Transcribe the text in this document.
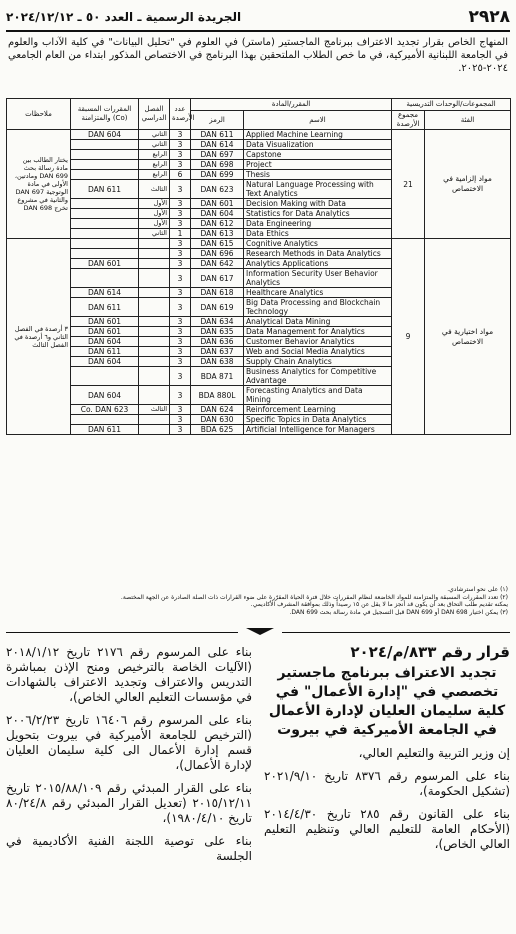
٢٩٢٨
الجريدة الرسمية ـ العدد ٥٠ ـ ٢٠٢٤/١٢/١٢
المنهاج الخاص بقرار تجديد الاعتراف ببرنامج الماجستير (ماستر) في العلوم في "تحليل البيانات" في كلية الآداب والعلوم في الجامعة اللبنانية الأميركية، في ما خص الطلاب الملتحقين بهذا البرنامج في الاختصاص المذكور ابتداء من العام الجامعي ٢٠٢٤-٢٠٢٥.
ملاحظات	المقررات المسبقة والمتزامنة (Co)	الفصل الدراسي	عدد الأرصدة	المقرر/المادة		المجموعات/الوحدات التدريسية	
				الرمز	الاسم	مجموع الأرصدة	الفئة
يختار الطالب بين مادة رسالة بحث DAN 699 ومادتين، الأولى في مادة الوتوجية DAN 697 والثانية في مشروع تخرج DAN 698	DAN 604	الثاني	3	DAN 611	Applied Machine Learning	21	مواد إلزامية في الاختصاص
		الثاني	3	DAN 614	Data Visualization		
		الرابع	3	DAN 697	Capstone		
		الرابع	3	DAN 698	Project		
		الرابع	6	DAN 699	Thesis		
	DAN 611	الثالث	3	DAN 623	Natural Language Processing with Text Analytics		
		الأول	3	DAN 601	Decision Making with Data		
		الأول	3	DAN 604	Statistics for Data Analytics		
		الأول	3	DAN 612	Data Engineering		
		الثاني	1	DAN 613	Data Ethics		
٣ أرصدة في الفصل الثاني و٦ أرصدة في الفصل الثالث			3	DAN 615	Cognitive Analytics	9	مواد اختيارية في الاختصاص
			3	DAN 696	Research Methods in Data Analytics		
	DAN 601		3	DAN 642	Analytics Applications		
			3	DAN 617	Information Security User Behavior Analytics		
	DAN 614		3	DAN 618	Healthcare Analytics		
	DAN 611		3	DAN 619	Big Data Processing and Blockchain Technology		
	DAN 601		3	DAN 634	Analytical Data Mining		
	DAN 601		3	DAN 635	Data Management for Analytics		
	DAN 604		3	DAN 636	Customer Behavior Analytics		
	DAN 611		3	DAN 637	Web and Social Media Analytics		
	DAN 604		3	DAN 638	Supply Chain Analytics		
			3	BDA 871	Business Analytics for Competitive Advantage		
	DAN 604		3	BDA 880L	Forecasting Analytics and Data Mining		
	Co. DAN 623	الثالث	3	DAN 624	Reinforcement Learning		
			3	DAN 630	Specific Topics in Data Analytics		
	DAN 611		3	BDA 625	Artificial Intelligence for Managers		
(١) على نحو استرشادي.
(٢) تعدد المقررات المسبقة والمتزامنة للمواد الخاضعة لنظام المقررات خلال فترة الحياة المقرّرة على ضوء القرارات ذات الصلة الصادرة عن الجهة المختصة.
يمكنه تقديم طلب التحاق بعد أن يكون قد أنجز ما لا يقل عن ١٥ رصيداً وذلك بموافقة المشرف الأكاديمي.
(٣) يمكن اختيار DAN 698 أو DAN 699 قبل التسجيل في مادة رسالة بحث DAN 699.
قرار رقم ٨٣٣/م/٢٠٢٤
تجديد الاعتراف ببرنامج ماجستير تخصصي في "إدارة الأعمال" في كلية سليمان العليان لإدارة الأعمال في الجامعة الأميركية في بيروت

إن وزير التربية والتعليم العالي،

بناء على المرسوم رقم ٨٣٧٦ تاريخ ٢٠٢١/٩/١٠ (تشكيل الحكومة)،

بناء على القانون رقم ٢٨٥ تاريخ ٢٠١٤/٤/٣٠ (الأحكام العامة للتعليم العالي وتنظيم التعليم العالي الخاص)،

بناء على المرسوم رقم ٢١٧٦ تاريخ ٢٠١٨/١/١٢ (الآليات الخاصة بالترخيص ومنح الإذن بمباشرة التدريس والاعتراف وتجديد الاعتراف بالشهادات في مؤسسات التعليم العالي الخاص)،

بناء على المرسوم رقم ١٦٤٠٦ تاريخ ٢٠٠٦/٢/٢٣ (الترخيص للجامعة الأميركية في بيروت بتحويل قسم إدارة الأعمال الى كلية سليمان العليان لإدارة الأعمال)،

بناء على القرار المبدئي رقم ٢٠١٥/٨٨/١٠٩ تاريخ ٢٠١٥/١٢/١١ (تعديل القرار المبدئي رقم ٨٠/٢٤/٨ تاريخ ١٩٨٠/٤/١٠)،

بناء على توصية اللجنة الفنية الأكاديمية في الجلسة
